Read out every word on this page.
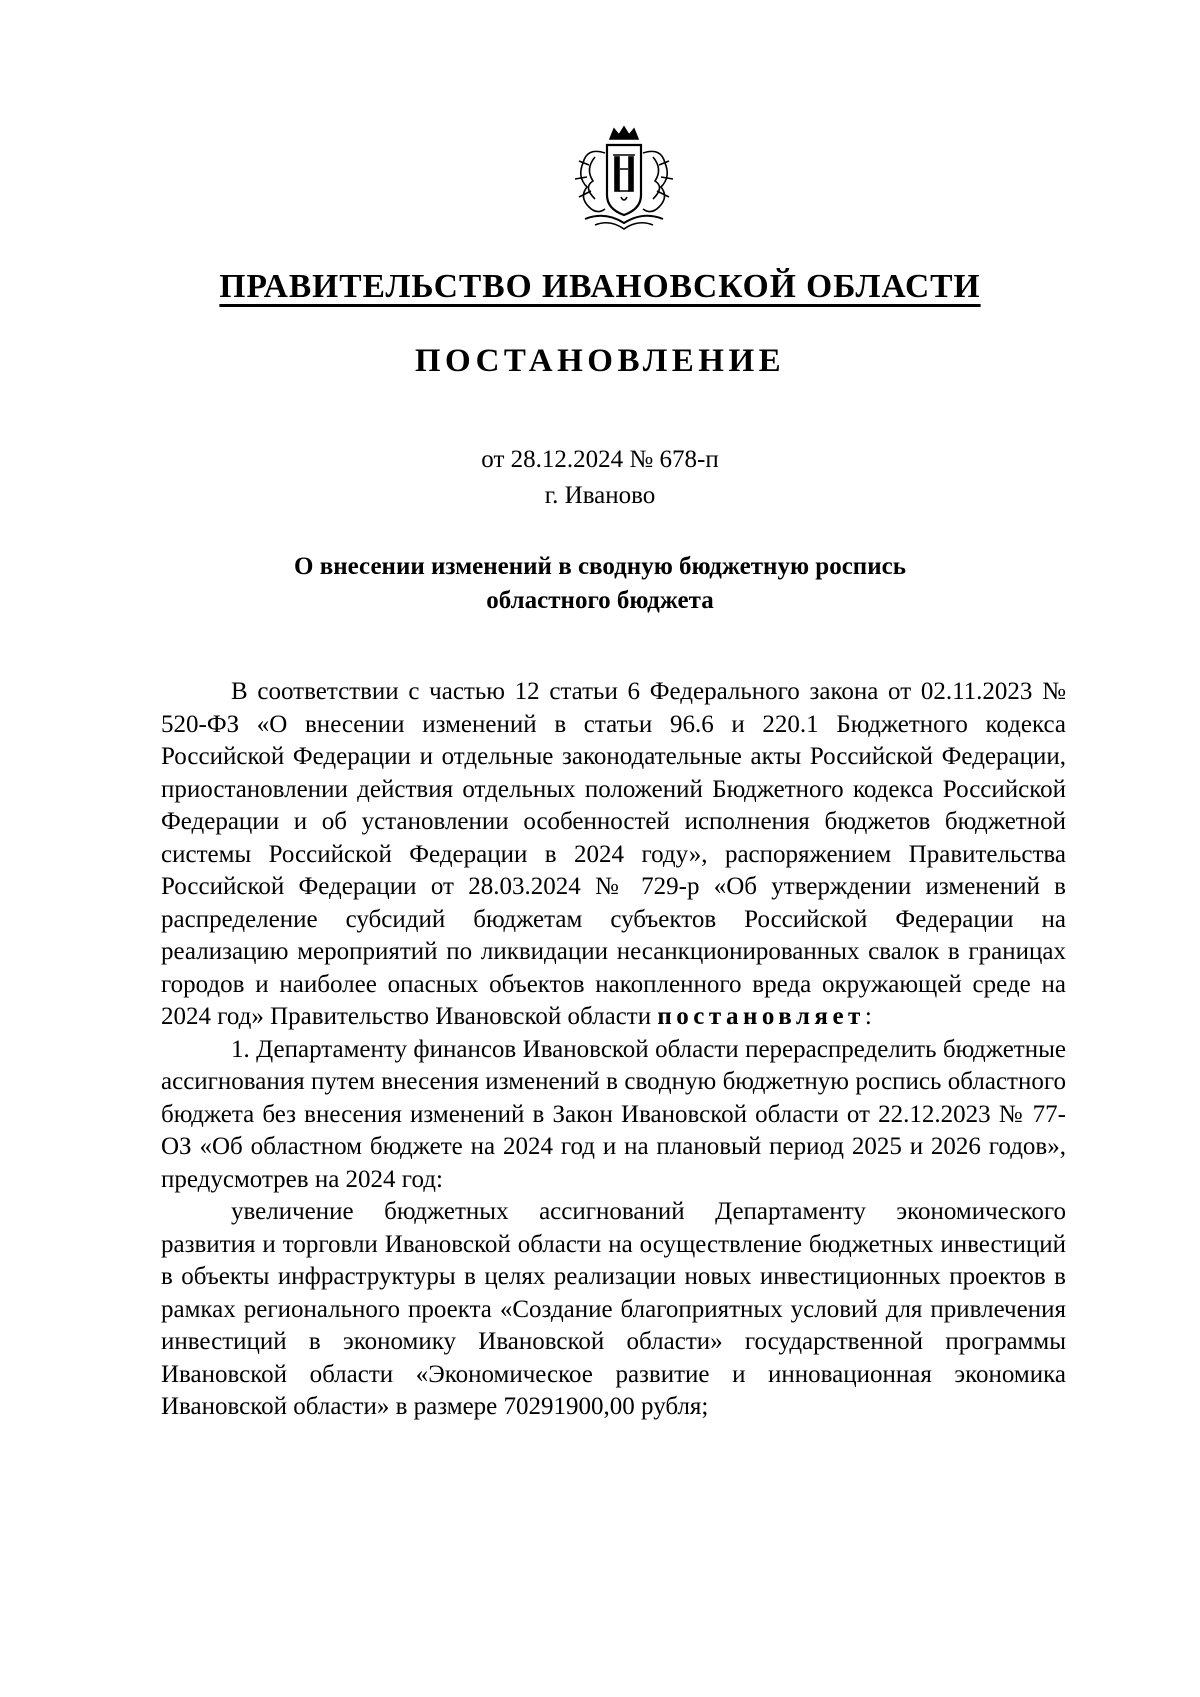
ПРАВИТЕЛЬСТВО ИВАНОВСКОЙ ОБЛАСТИ
ПОСТАНОВЛЕНИЕ
от 28.12.2024 № 678-п
г. Иваново
О внесении изменений в сводную бюджетную роспись
областного бюджета

В соответствии с частью 12 статьи 6 Федерального закона от 02.11.2023 № 520-ФЗ «О внесении изменений в статьи 96.6 и 220.1 Бюджетного кодекса Российской Федерации и отдельные законодательные акты Российской Федерации, приостановлении действия отдельных положений Бюджетного кодекса Российской Федерации и об установлении особенностей исполнения бюджетов бюджетной системы Российской Федерации в 2024 году», распоряжением Правительства Российской Федерации от 28.03.2024 № 729-р «Об утверждении изменений в распределение субсидий бюджетам субъектов Российской Федерации на реализацию мероприятий по ликвидации несанкционированных свалок в границах городов и наиболее опасных объектов накопленного вреда окружающей среде на 2024 год» Правительство Ивановской области постановляет:

1. Департаменту финансов Ивановской области перераспределить бюджетные ассигнования путем внесения изменений в сводную бюджетную роспись областного бюджета без внесения изменений в Закон Ивановской области от 22.12.2023 № 77-ОЗ «Об областном бюджете на 2024 год и на плановый период 2025 и 2026 годов», предусмотрев на 2024 год:

увеличение бюджетных ассигнований Департаменту экономического развития и торговли Ивановской области на осуществление бюджетных инвестиций в объекты инфраструктуры в целях реализации новых инвестиционных проектов в рамках регионального проекта «Создание благоприятных условий для привлечения инвестиций в экономику Ивановской области» государственной программы Ивановской области «Экономическое развитие и инновационная экономика Ивановской области» в размере 70291900,00 рубля;
